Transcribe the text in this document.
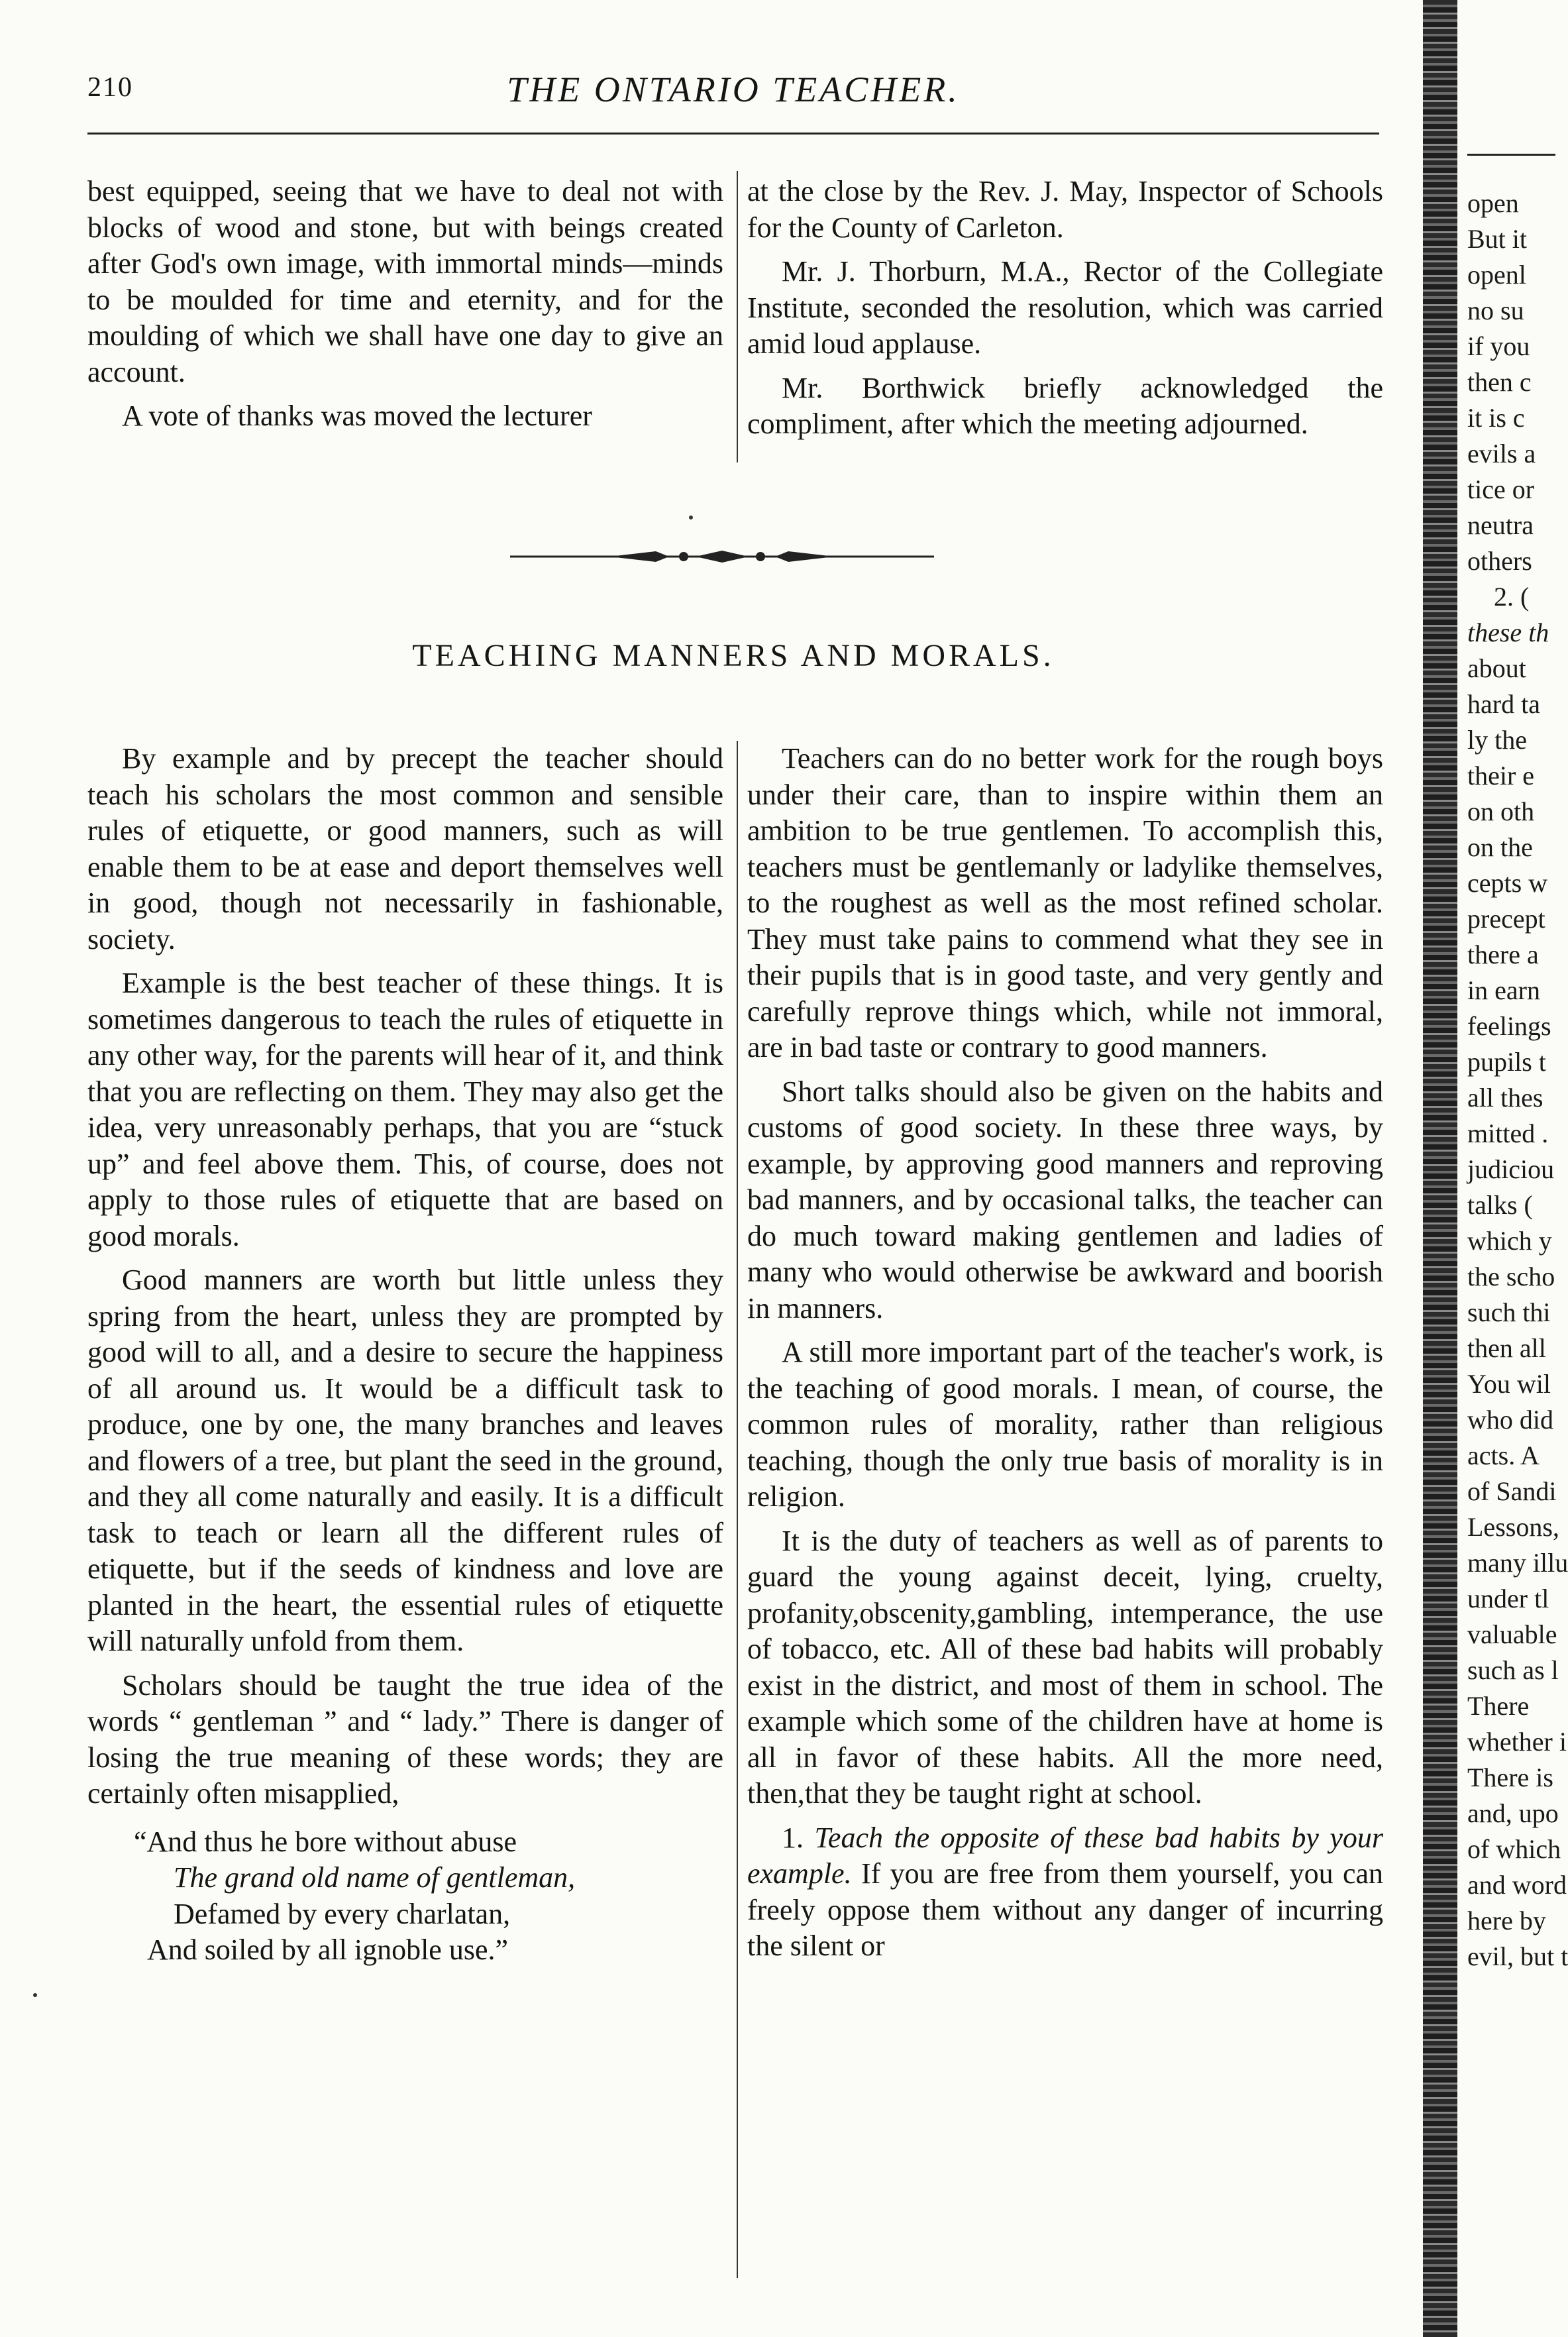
210	THE ONTARIO TEACHER.

best equipped, seeing that we have to deal not with blocks of wood and stone, but with beings created after God's own image, with immortal minds—minds to be moulded for time and eternity, and for the moulding of which we shall have one day to give an account.

A vote of thanks was moved the lecturer

at the close by the Rev. J. May, Inspector of Schools for the County of Carleton.

Mr. J. Thorburn, M.A., Rector of the Collegiate Institute, seconded the resolution, which was carried amid loud applause.

Mr. Borthwick briefly acknowledged the compliment, after which the meeting adjourned.

TEACHING MANNERS AND MORALS.

By example and by precept the teacher should teach his scholars the most common and sensible rules of etiquette, or good manners, such as will enable them to be at ease and deport themselves well in good, though not necessarily in fashionable, society.

Example is the best teacher of these things. It is sometimes dangerous to teach the rules of etiquette in any other way, for the parents will hear of it, and think that you are reflecting on them. They may also get the idea, very unreasonably perhaps, that you are “stuck up” and feel above them. This, of course, does not apply to those rules of etiquette that are based on good morals.

Good manners are worth but little unless they spring from the heart, unless they are prompted by good will to all, and a desire to secure the happiness of all around us. It would be a difficult task to produce, one by one, the many branches and leaves and flowers of a tree, but plant the seed in the ground, and they all come naturally and easily. It is a difficult task to teach or learn all the different rules of etiquette, but if the seeds of kindness and love are planted in the heart, the essential rules of etiquette will naturally unfold from them.

Scholars should be taught the true idea of the words “ gentleman ” and “ lady.” There is danger of losing the true meaning of these words; they are certainly often misapplied,

“And thus he bore without abuse
The grand old name of gentleman,
Defamed by every charlatan,
And soiled by all ignoble use.”

Teachers can do no better work for the rough boys under their care, than to inspire within them an ambition to be true gentlemen. To accomplish this, teachers must be gentlemanly or ladylike themselves, to the roughest as well as the most refined scholar. They must take pains to commend what they see in their pupils that is in good taste, and very gently and carefully reprove things which, while not immoral, are in bad taste or contrary to good manners.

Short talks should also be given on the habits and customs of good society. In these three ways, by example, by approving good manners and reproving bad manners, and by occasional talks, the teacher can do much toward making gentlemen and ladies of many who would otherwise be awkward and boorish in manners.

A still more important part of the teacher's work, is the teaching of good morals. I mean, of course, the common rules of morality, rather than religious teaching, though the only true basis of morality is in religion.

It is the duty of teachers as well as of parents to guard the young against deceit, lying, cruelty, profanity,obscenity,gambling, intemperance, the use of tobacco, etc. All of these bad habits will probably exist in the district, and most of them in school. The example which some of the children have at home is all in favor of these habits. All the more need, then,that they be taught right at school.

1. Teach the opposite of these bad habits by your example. If you are free from them yourself, you can freely oppose them without any danger of incurring the silent or

open
But it
openl
no su
if you
then c
it is c
evils a
tice or
neutra
others
2. (
these th
about
hard ta
ly the
their e
on oth
on the
cepts w
precept
there a
in earn
feelings
pupils t
all thes
mitted .
judiciou
talks (
which y
the scho
such thi
then all
You wil
who did
acts. A
of Sandi
Lessons,
many illu
under tl
valuable
such as l
There
whether i
There is
and, upo
of which
and word
here by
evil, but t
